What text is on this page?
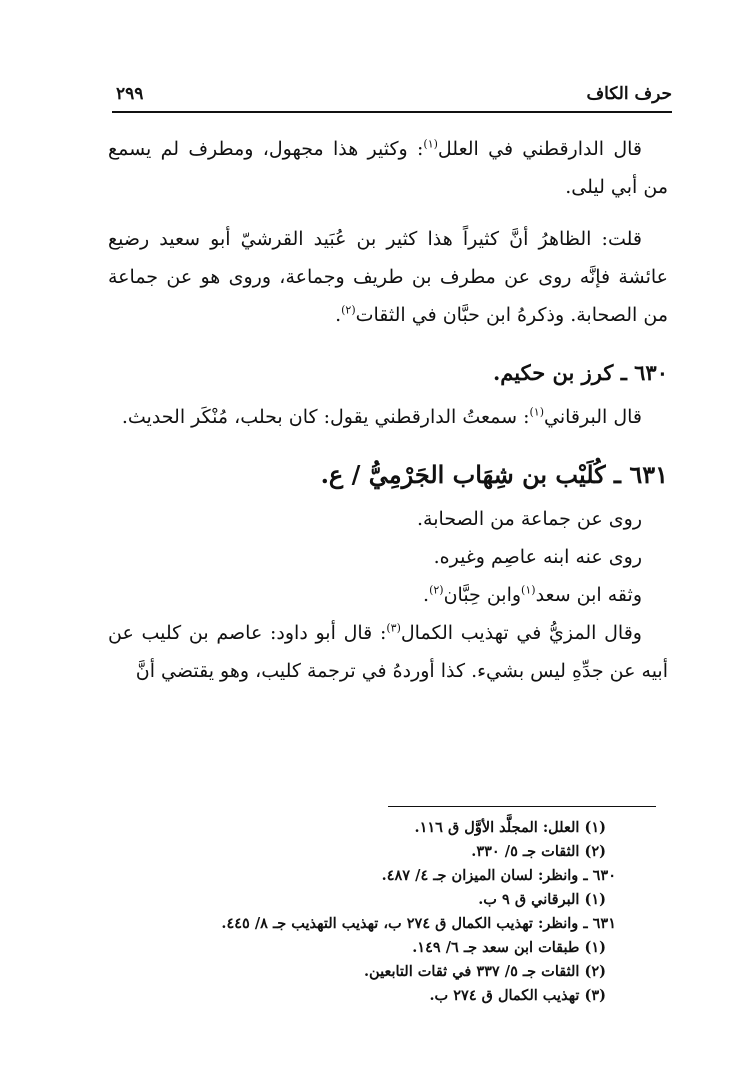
حرف الكاف
٢٩٩

قال الدارقطني في العلل$^{(١)}$: وكثير هذا مجهول، ومطرف لم يسمع من أبي ليلى.

قلت: الظاهرُ أنَّ كثيراً هذا كثير بن عُبَيد القرشيّ أبو سعيد رضيع عائشة فإنَّه روى عن مطرف بن طريف وجماعة، وروى هو عن جماعة من الصحابة. وذكرهُ ابن حبَّان في الثقات$^{(٢)}$.

٦٣٠ ـ كرز بن حكيم.

قال البرقاني$^{(١)}$: سمعتُ الدارقطني يقول: كان بحلب، مُنْكَر الحديث.

٦٣١ ـ كُلَيْب بن شِهَاب الجَرْمِيُّ / ع.

روى عن جماعة من الصحابة.

روى عنه ابنه عاصِم وغيره.

وثقه ابن سعد$^{(١)}$وابن حِبَّان$^{(٢)}$.

وقال المزيُّ في تهذيب الكمال$^{(٣)}$: قال أبو داود: عاصم بن كليب عن أبيه عن جدِّهِ ليس بشيء. كذا أوردهُ في ترجمة كليب، وهو يقتضي أنَّ

(١) العلل: المجلَّد الأوَّل ق ١١٦.
(٢) الثقات جـ ٥/ ٣٣٠.
٦٣٠ ـ وانظر: لسان الميزان جـ ٤/ ٤٨٧.
(١) البرقاني ق ٩ ب.
٦٣١ ـ وانظر: تهذيب الكمال ق ٢٧٤ ب، تهذيب التهذيب جـ ٨/ ٤٤٥.
(١) طبقات ابن سعد جـ ٦/ ١٤٩.
(٢) الثقات جـ ٥/ ٣٣٧ في ثقات التابعين.
(٣) تهذيب الكمال ق ٢٧٤ ب.
